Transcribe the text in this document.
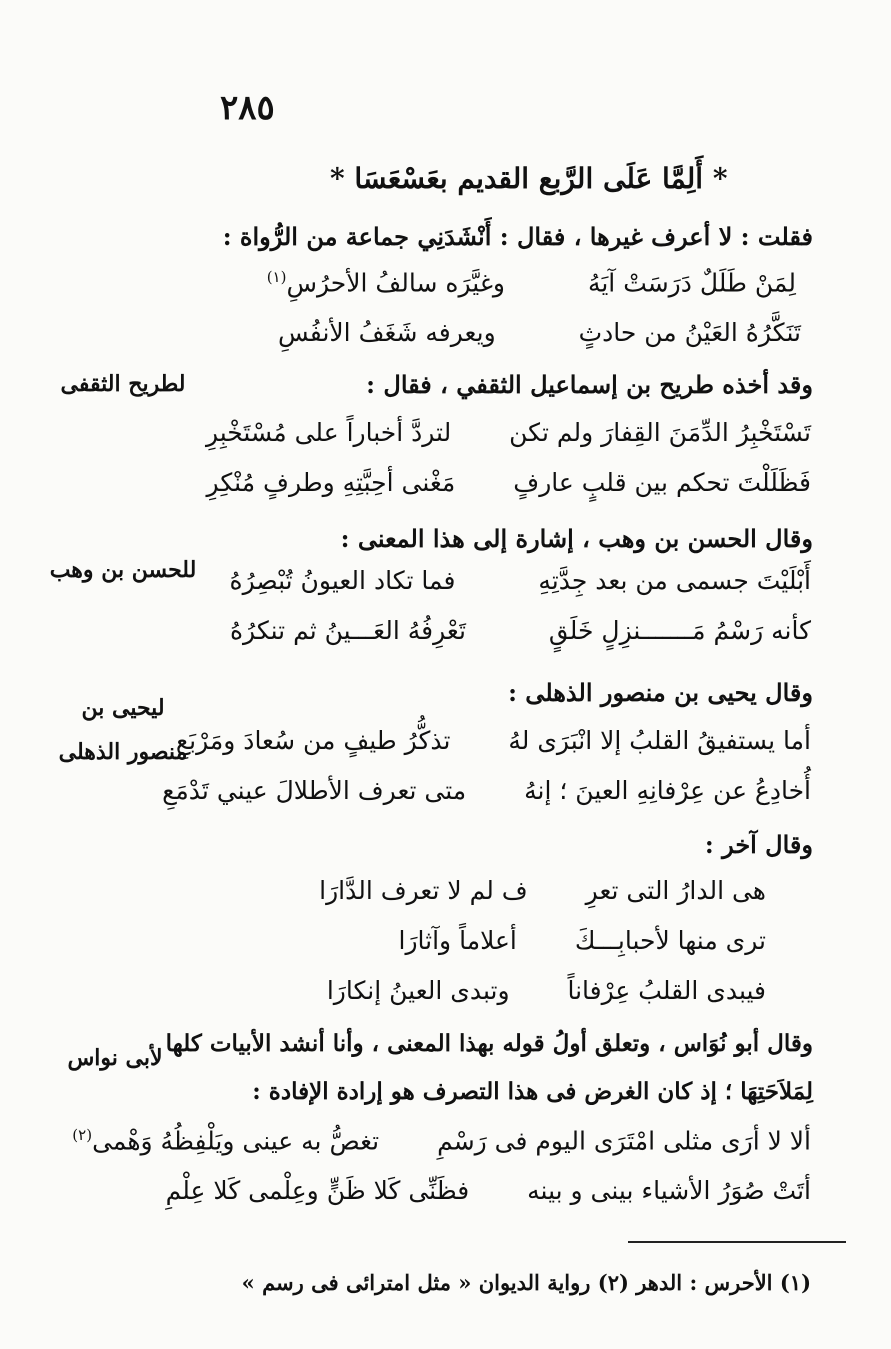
٢٨٥
* أَلِمَّا عَلَى الرَّبع القديم بعَسْعَسَا *
فقلت : لا أعرف غيرها ، فقال : أَنْشَدَنِي جماعة من الرُّواة :
لِمَنْ طَلَلٌ دَرَسَتْ آيَهُ    وغيَّرَه سالفُ الأحرُسِ$^{(١)}$
تَنَكَّرُهُ العَيْنُ من حادثٍ    ويعرفه شَغَفُ الأنفُسِ
لطريح الثقفى	وقد أخذه طريح بن إسماعيل الثقفي ، فقال :
تَسْتَخْبِرُ الدِّمَنَ القِفارَ ولم تكن   لتردَّ أخباراً على مُسْتَخْبِرِ
فَظَلَلْتَ تحكم بين قلبٍ عارفٍ   مَغْنى أحِبَّتِهِ وطرفٍ مُنْكِرِ
وقال الحسن بن وهب ، إشارة إلى هذا المعنى :
للحسن بن وهب	أَبْلَيْتَ جسمى من بعد جِدَّتِهِ    فما تكاد العيونُ تُبْصِرُهُ
كأنه رَسْمُ مَـــــــنزِلٍ خَلَقٍ    تَعْرِفُهُ العَـــينُ ثم تنكرُهُ
وقال يحيى بن منصور الذهلى :
ليحيى بن منصور الذهلى	أما يستفيقُ القلبُ إلا انْبَرَى لهُ   تذكُّرُ طيفٍ من سُعادَ ومَرْبَعِ
أُخادِعُ عن عِرْفانِهِ العينَ ؛ إنهُ   متى تعرف الأطلالَ عيني تَدْمَعِ
وقال آخر :
هى الدارُ التى تعرِ   ف لم لا تعرف الدَّارَا
ترى منها لأحبابِـــكَ   أعلاماً وآثارَا
فيبدى القلبُ عِرْفاناً   وتبدى العينُ إنكارَا
لأبى نواس
وقال أبو نُوَاس ، وتعلق أولُ قوله بهذا المعنى ، وأنا أنشد الأبيات كلها
لِمَلاَحَتِهَا ؛ إذ كان الغرض فى هذا التصرف هو إرادة الإفادة :
ألا لا أرَى مثلى امْتَرَى اليوم فى رَسْمِ   تغصُّ به عينى ويَلْفِظُهُ وَهْمى$^{(٢)}$
أتَتْ صُوَرُ الأشياء بينى و بينه   فظَنِّى كَلا ظَنٍّ وعِلْمى كَلا عِلْمِ
(١) الأحرس : الدهر (٢) رواية الديوان « مثل امترائى فى رسم »
